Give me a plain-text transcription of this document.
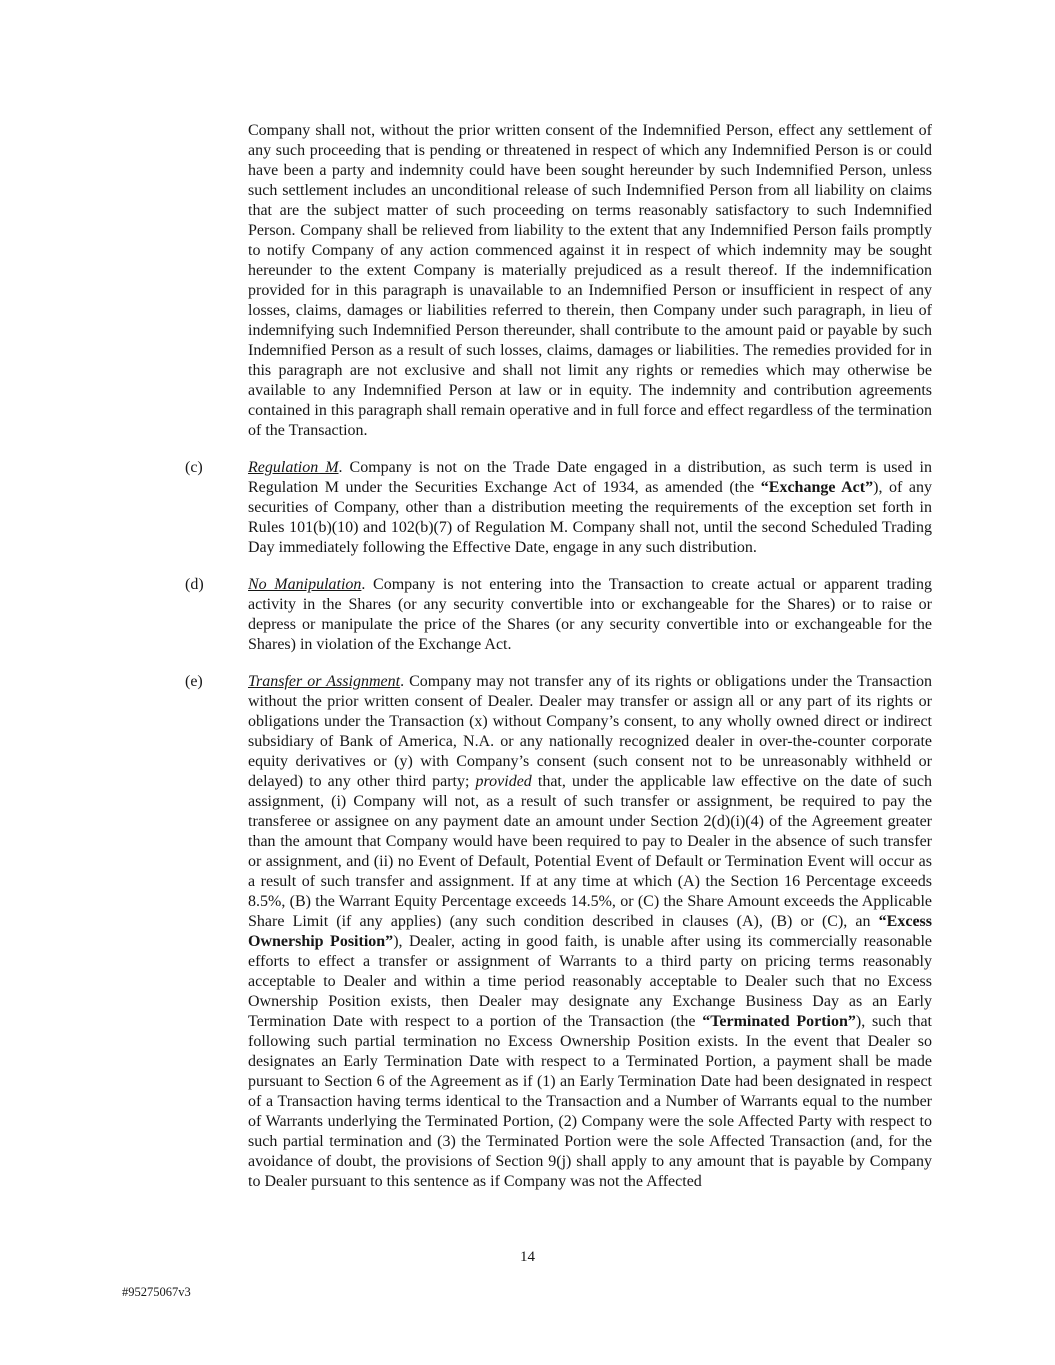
Company shall not, without the prior written consent of the Indemnified Person, effect any settlement of any such proceeding that is pending or threatened in respect of which any Indemnified Person is or could have been a party and indemnity could have been sought hereunder by such Indemnified Person, unless such settlement includes an unconditional release of such Indemnified Person from all liability on claims that are the subject matter of such proceeding on terms reasonably satisfactory to such Indemnified Person. Company shall be relieved from liability to the extent that any Indemnified Person fails promptly to notify Company of any action commenced against it in respect of which indemnity may be sought hereunder to the extent Company is materially prejudiced as a result thereof. If the indemnification provided for in this paragraph is unavailable to an Indemnified Person or insufficient in respect of any losses, claims, damages or liabilities referred to therein, then Company under such paragraph, in lieu of indemnifying such Indemnified Person thereunder, shall contribute to the amount paid or payable by such Indemnified Person as a result of such losses, claims, damages or liabilities. The remedies provided for in this paragraph are not exclusive and shall not limit any rights or remedies which may otherwise be available to any Indemnified Person at law or in equity. The indemnity and contribution agreements contained in this paragraph shall remain operative and in full force and effect regardless of the termination of the Transaction.
(c)	Regulation M. Company is not on the Trade Date engaged in a distribution, as such term is used in Regulation M under the Securities Exchange Act of 1934, as amended (the “Exchange Act”), of any securities of Company, other than a distribution meeting the requirements of the exception set forth in Rules 101(b)(10) and 102(b)(7) of Regulation M. Company shall not, until the second Scheduled Trading Day immediately following the Effective Date, engage in any such distribution.
(d)	No Manipulation. Company is not entering into the Transaction to create actual or apparent trading activity in the Shares (or any security convertible into or exchangeable for the Shares) or to raise or depress or manipulate the price of the Shares (or any security convertible into or exchangeable for the Shares) in violation of the Exchange Act.
(e)	Transfer or Assignment. Company may not transfer any of its rights or obligations under the Transaction without the prior written consent of Dealer. Dealer may transfer or assign all or any part of its rights or obligations under the Transaction (x) without Company’s consent, to any wholly owned direct or indirect subsidiary of Bank of America, N.A. or any nationally recognized dealer in over-the-counter corporate equity derivatives or (y) with Company’s consent (such consent not to be unreasonably withheld or delayed) to any other third party; provided that, under the applicable law effective on the date of such assignment, (i) Company will not, as a result of such transfer or assignment, be required to pay the transferee or assignee on any payment date an amount under Section 2(d)(i)(4) of the Agreement greater than the amount that Company would have been required to pay to Dealer in the absence of such transfer or assignment, and (ii) no Event of Default, Potential Event of Default or Termination Event will occur as a result of such transfer and assignment. If at any time at which (A) the Section 16 Percentage exceeds 8.5%, (B) the Warrant Equity Percentage exceeds 14.5%, or (C) the Share Amount exceeds the Applicable Share Limit (if any applies) (any such condition described in clauses (A), (B) or (C), an “Excess Ownership Position”), Dealer, acting in good faith, is unable after using its commercially reasonable efforts to effect a transfer or assignment of Warrants to a third party on pricing terms reasonably acceptable to Dealer and within a time period reasonably acceptable to Dealer such that no Excess Ownership Position exists, then Dealer may designate any Exchange Business Day as an Early Termination Date with respect to a portion of the Transaction (the “Terminated Portion”), such that following such partial termination no Excess Ownership Position exists. In the event that Dealer so designates an Early Termination Date with respect to a Terminated Portion, a payment shall be made pursuant to Section 6 of the Agreement as if (1) an Early Termination Date had been designated in respect of a Transaction having terms identical to the Transaction and a Number of Warrants equal to the number of Warrants underlying the Terminated Portion, (2) Company were the sole Affected Party with respect to such partial termination and (3) the Terminated Portion were the sole Affected Transaction (and, for the avoidance of doubt, the provisions of Section 9(j) shall apply to any amount that is payable by Company to Dealer pursuant to this sentence as if Company was not the Affected
14
#95275067v3
